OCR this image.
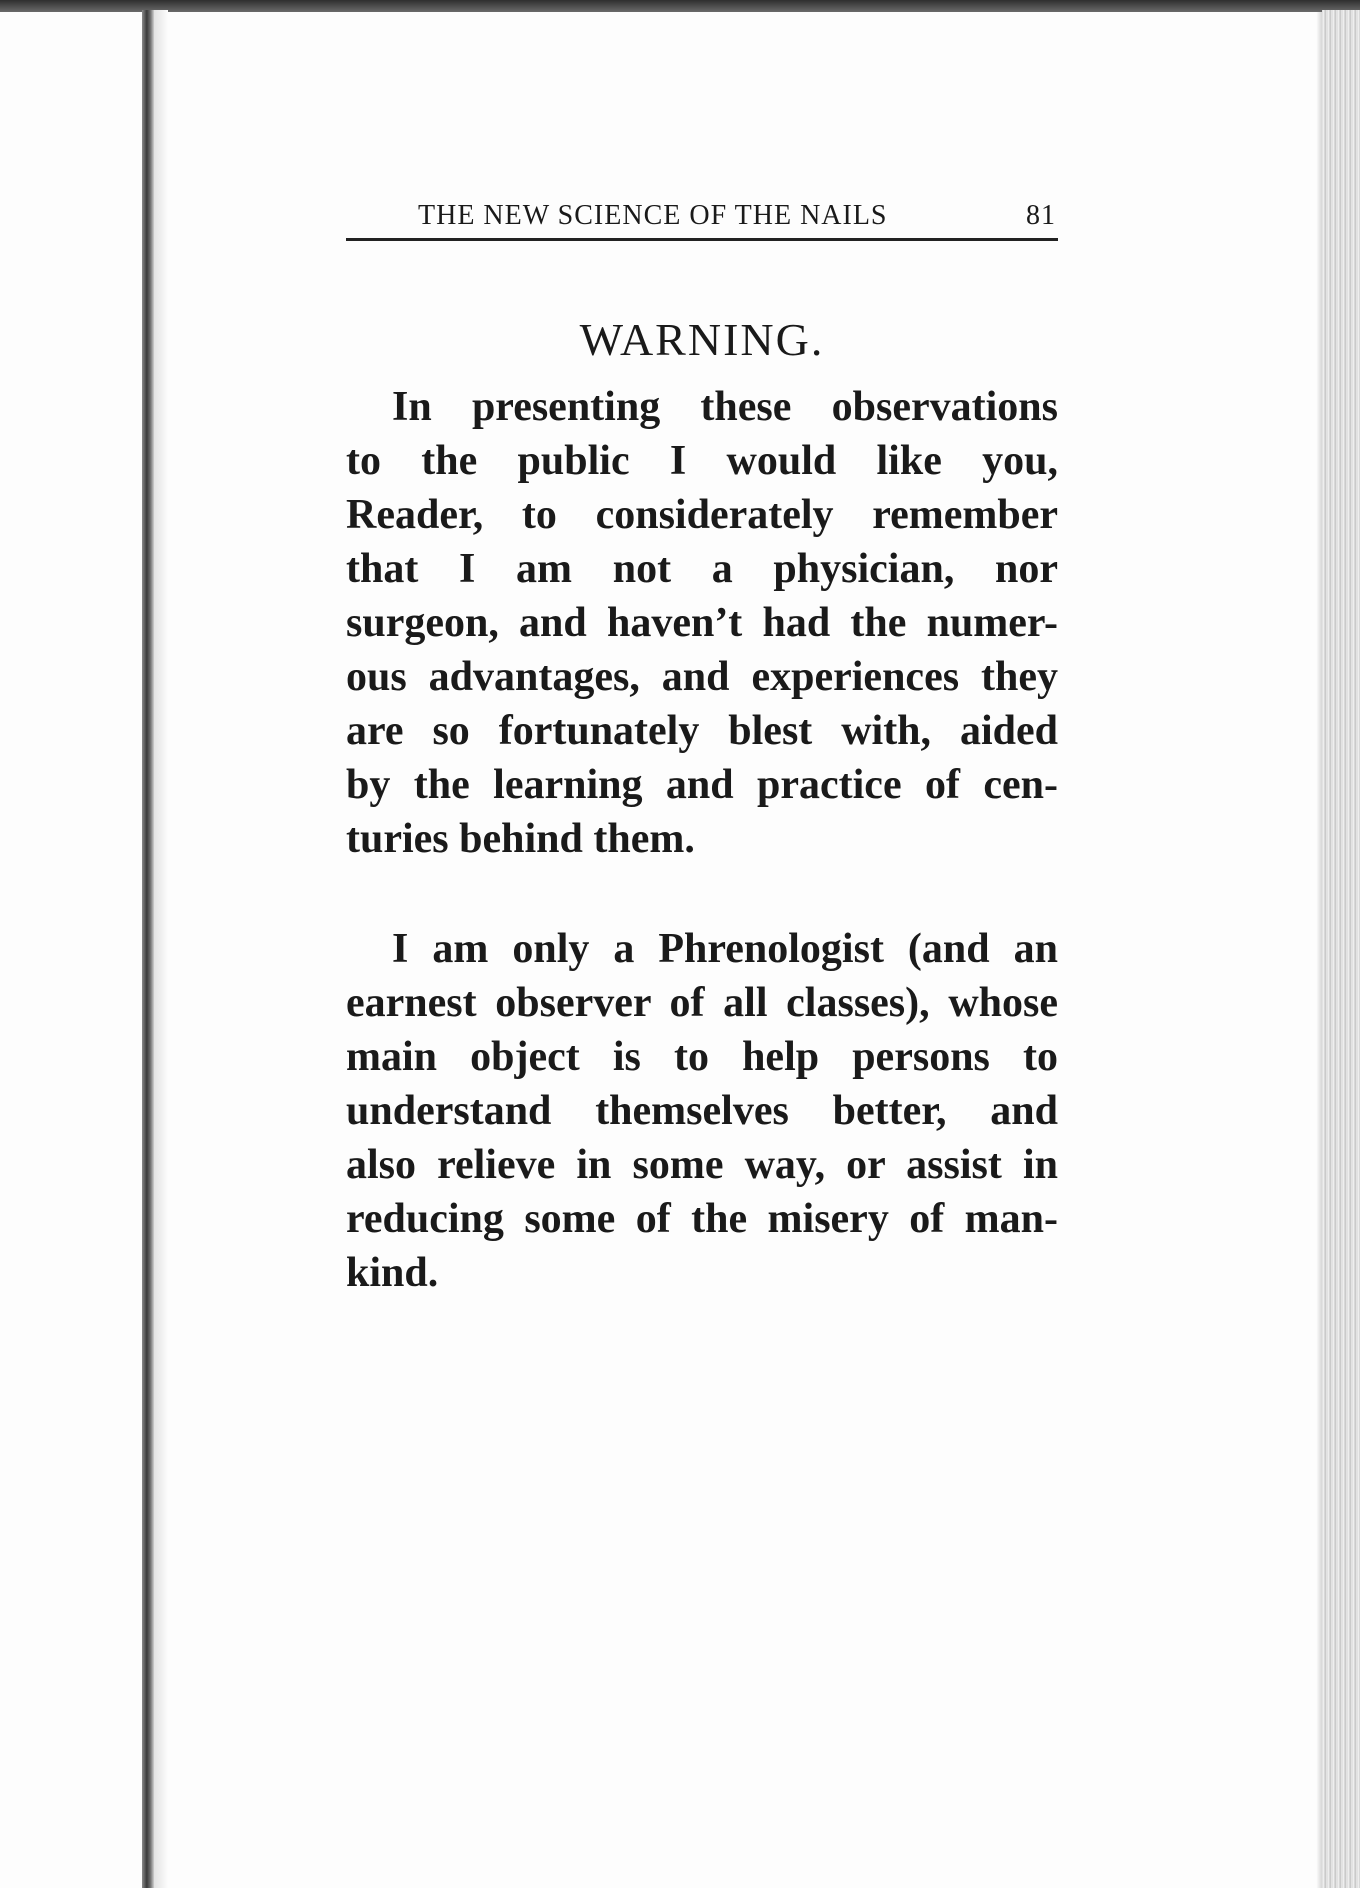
THE NEW SCIENCE OF THE NAILS	81
WARNING.

In presenting these observations
to the public I would like you,
Reader, to considerately remember
that I am not a physician, nor
surgeon, and haven’t had the numer-
ous advantages, and experiences they
are so fortunately blest with, aided
by the learning and practice of cen-
turies behind them.

I am only a Phrenologist (and an
earnest observer of all classes), whose
main object is to help persons to
understand themselves better, and
also relieve in some way, or assist in
reducing some of the misery of man-
kind.
